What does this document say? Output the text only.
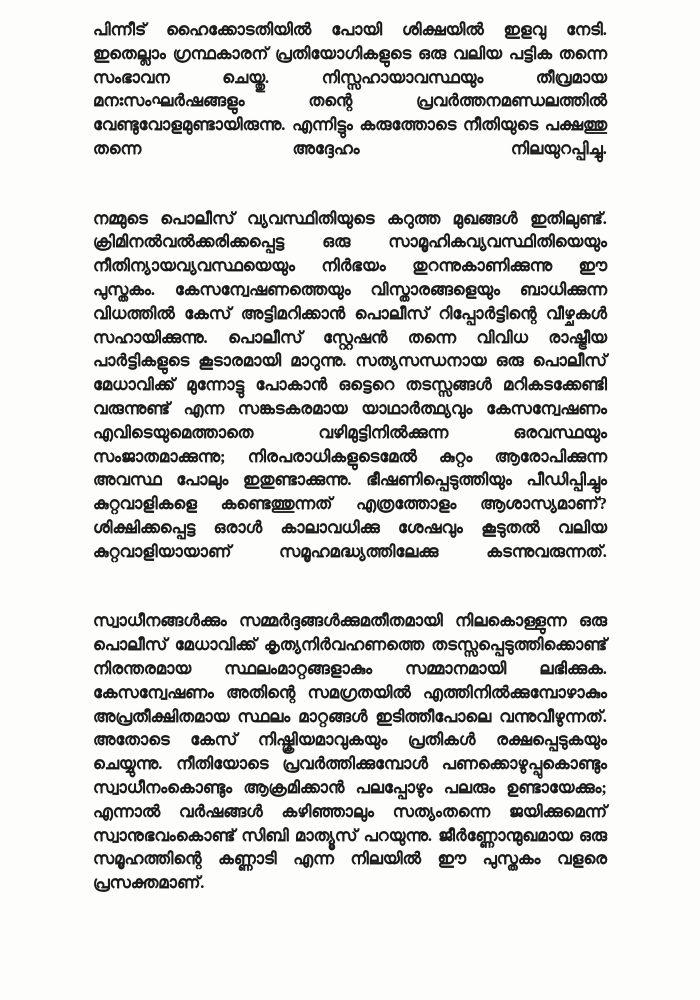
പിന്നീട് ഹൈക്കോടതിയിൽ പോയി ശിക്ഷയിൽ ഇളവു നേടി. ഇതെല്ലാം ഗ്രന്ഥകാരന് പ്രതിയോഗികളുടെ ഒരു വലിയ പട്ടിക തന്നെ സംഭാവന ചെയ്തു. നിസ്സഹായാവസ്ഥയും തീവ്രമായ മനഃസംഘർഷങ്ങളും തന്റെ പ്രവർത്തനമണ്ഡലത്തിൽ വേണ്ടുവോളമുണ്ടായിരുന്നു. എന്നിട്ടും കരുത്തോടെ നീതിയുടെ പക്ഷത്തു തന്നെ അദ്ദേഹം നിലയുറപ്പിച്ചു.

നമ്മുടെ പൊലീസ് വ്യവസ്ഥിതിയുടെ കറുത്ത മുഖങ്ങൾ ഇതിലുണ്ട്. ക്രിമിനൽവൽക്കരിക്കപ്പെട്ട ഒരു സാമൂഹികവ്യവസ്ഥിതിയെയും നീതിന്യായവ്യവസ്ഥയെയും നിർഭയം തുറന്നുകാണിക്കുന്നു ഈ പുസ്തകം. കേസന്വേഷണത്തെയും വിസ്താരങ്ങളെയും ബാധിക്കുന്ന വിധത്തിൽ കേസ് അട്ടിമറിക്കാൻ പൊലീസ് റിപ്പോർട്ടിന്റെ വീഴ്ചകൾ സഹായിക്കുന്നു. പൊലീസ് സ്റ്റേഷൻ തന്നെ വിവിധ രാഷ്ട്രീയ പാർട്ടികളുടെ കൂടാരമായി മാറുന്നു. സത്യസന്ധനായ ഒരു പൊലീസ് മേധാവിക്ക് മുന്നോട്ടു പോകാൻ ഒട്ടെറെ തടസ്സങ്ങൾ മറികടക്കേണ്ടി വരുന്നുണ്ട് എന്ന സങ്കടകരമായ യാഥാർത്ഥ്യവും കേസന്വേഷണം എവിടെയുമെത്താതെ വഴിമുട്ടിനിൽക്കുന്ന ഒരവസ്ഥയും സംജാതമാക്കുന്നു; നിരപരാധികളുടെമേൽ കുറ്റം ആരോപിക്കുന്ന അവസ്ഥ പോലും ഇതുണ്ടാക്കുന്നു. ഭീഷണിപ്പെടുത്തിയും പീഡിപ്പിച്ചും കുറ്റവാളികളെ കണ്ടെത്തുന്നത് എത്രത്തോളം ആശാസ്യമാണ്? ശിക്ഷിക്കപ്പെട്ട ഒരാൾ കാലാവധിക്കു ശേഷവും കൂടുതൽ വലിയ കുറ്റവാളിയായാണ് സമൂഹമദ്ധ്യത്തിലേക്കു കടന്നുവരുന്നത്.

സ്വാധീനങ്ങൾക്കും സമ്മർദ്ദങ്ങൾക്കുമതീതമായി നിലകൊള്ളുന്ന ഒരു പൊലീസ് മേധാവിക്ക് കൃത്യനിർവഹണത്തെ തടസ്സപ്പെടുത്തിക്കൊണ്ട് നിരന്തരമായ സ്ഥലംമാറ്റങ്ങളാകും സമ്മാനമായി ലഭിക്കുക. കേസന്വേഷണം അതിന്റെ സമഗ്രതയിൽ എത്തിനിൽക്കുമ്പോഴാകും അപ്രതീക്ഷിതമായ സ്ഥലം മാറ്റങ്ങൾ ഇടിത്തീപോലെ വന്നുവീഴുന്നത്. അതോടെ കേസ് നിഷ്ക്രിയമാവുകയും പ്രതികൾ രക്ഷപ്പെടുകയും ചെയ്യുന്നു. നീതിയോടെ പ്രവർത്തിക്കുമ്പോൾ പണക്കൊഴുപ്പുകൊണ്ടും സ്വാധീനംകൊണ്ടും ആക്രമിക്കാൻ പലപ്പോഴും പലരും ഉണ്ടായേക്കും; എന്നാൽ വർഷങ്ങൾ കഴിഞ്ഞാലും സത്യംതന്നെ ജയിക്കുമെന്ന് സ്വാനുഭവംകൊണ്ട് സിബി മാത്യൂസ് പറയുന്നു. ജീർണ്ണോന്മുഖമായ ഒരു സമൂഹത്തിന്റെ കണ്ണാടി എന്ന നിലയിൽ ഈ പുസ്തകം വളരെ പ്രസക്തമാണ്.
